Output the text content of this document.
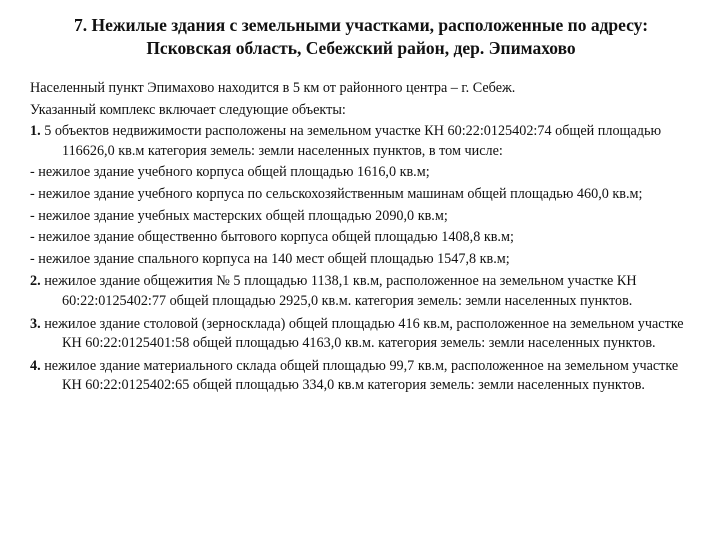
7. Нежилые здания с земельными участками, расположенные по адресу:
Псковская область, Себежский район, дер. Эпимахово
Населенный пункт Эпимахово находится в 5 км от районного центра – г. Себеж.
Указанный комплекс включает следующие объекты:
1. 5 объектов недвижимости расположены на земельном участке КН 60:22:0125402:74 общей площадью 116626,0 кв.м категория земель: земли населенных пунктов, в том числе:
- нежилое здание учебного корпуса общей площадью 1616,0 кв.м;
- нежилое здание учебного корпуса по сельскохозяйственным машинам общей площадью 460,0 кв.м;
- нежилое здание учебных мастерских общей площадью 2090,0 кв.м;
- нежилое здание общественно бытового корпуса общей площадью 1408,8 кв.м;
- нежилое здание спального корпуса на 140 мест общей площадью 1547,8 кв.м;
2. нежилое здание общежития № 5 площадью 1138,1 кв.м, расположенное на земельном участке КН 60:22:0125402:77 общей площадью 2925,0 кв.м. категория земель: земли населенных пунктов.
3. нежилое здание столовой (зерносклада) общей площадью 416 кв.м, расположенное на земельном участке КН 60:22:0125401:58 общей площадью 4163,0 кв.м. категория земель: земли населенных пунктов.
4. нежилое здание материального склада общей площадью 99,7 кв.м, расположенное на земельном участке КН 60:22:0125402:65 общей площадью 334,0 кв.м категория земель: земли населенных пунктов.
